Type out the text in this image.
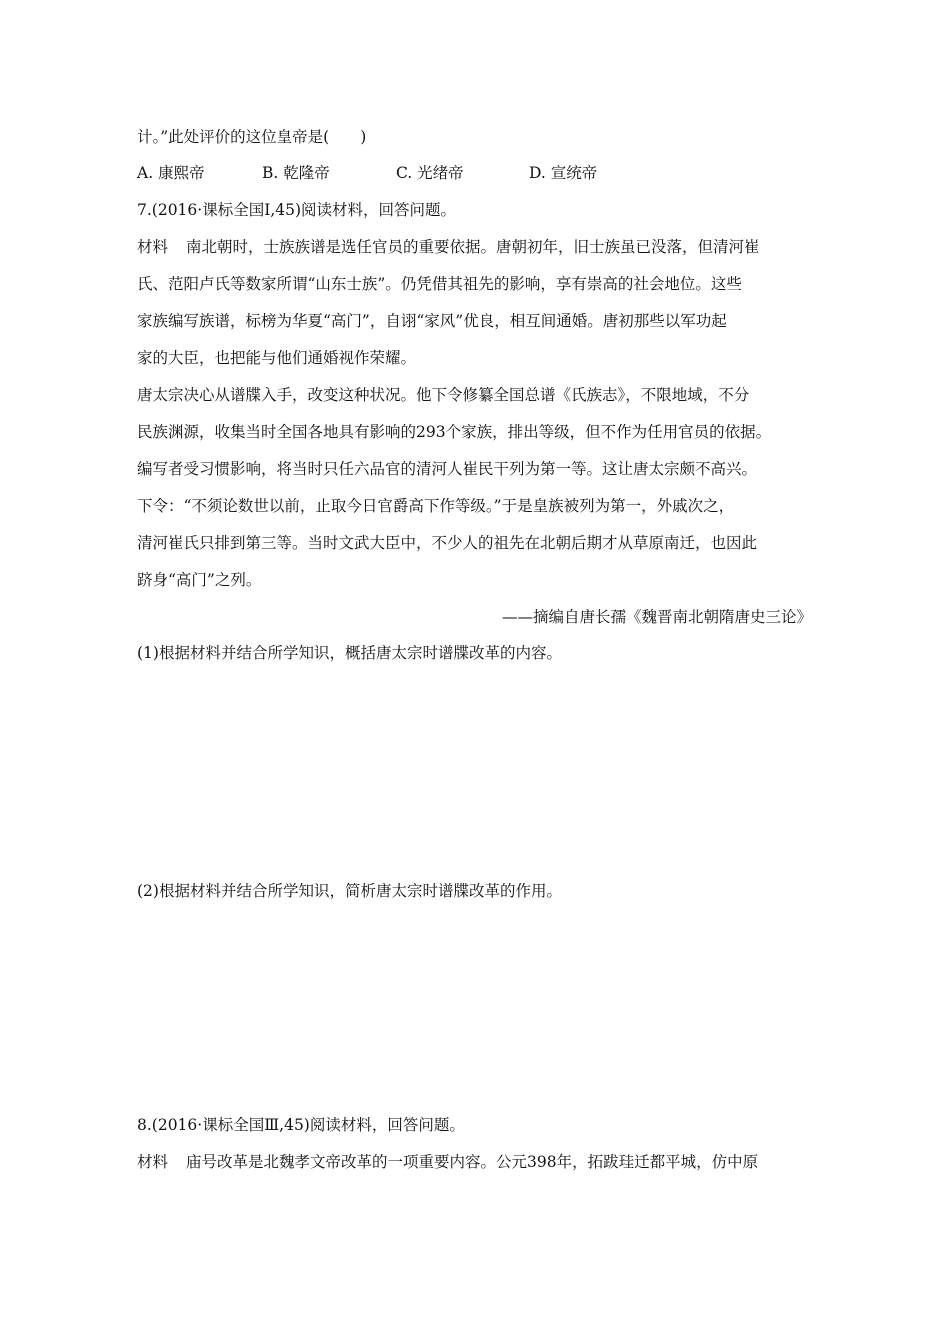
计。”此处评价的这位皇帝是(　　)
A. 康熙帝	B. 乾隆帝	C. 光绪帝	D. 宣统帝
7.(2016·课标全国Ⅰ,45)阅读材料，回答问题。
材料 南北朝时，士族族谱是选任官员的重要依据。唐朝初年，旧士族虽已没落，但清河崔
氏、范阳卢氏等数家所谓“山东士族”。仍凭借其祖先的影响，享有崇高的社会地位。这些
家族编写族谱，标榜为华夏“高门”，自诩“家风”优良，相互间通婚。唐初那些以军功起
家的大臣，也把能与他们通婚视作荣耀。
唐太宗决心从谱牒入手，改变这种状况。他下令修纂全国总谱《氏族志》，不限地域，不分
民族渊源，收集当时全国各地具有影响的293个家族，排出等级，但不作为任用官员的依据。
编写者受习惯影响，将当时只任六品官的清河人崔民干列为第一等。这让唐太宗颇不高兴。
下令：“不须论数世以前，止取今日官爵高下作等级。”于是皇族被列为第一，外戚次之，
清河崔氏只排到第三等。当时文武大臣中，不少人的祖先在北朝后期才从草原南迁，也因此
跻身“高门”之列。
——摘编自唐长孺《魏晋南北朝隋唐史三论》
(1)根据材料并结合所学知识，概括唐太宗时谱牒改革的内容。
(2)根据材料并结合所学知识，简析唐太宗时谱牒改革的作用。
8.(2016·课标全国Ⅲ,45)阅读材料，回答问题。
材料 庙号改革是北魏孝文帝改革的一项重要内容。公元398年，拓跋珪迁都平城，仿中原
